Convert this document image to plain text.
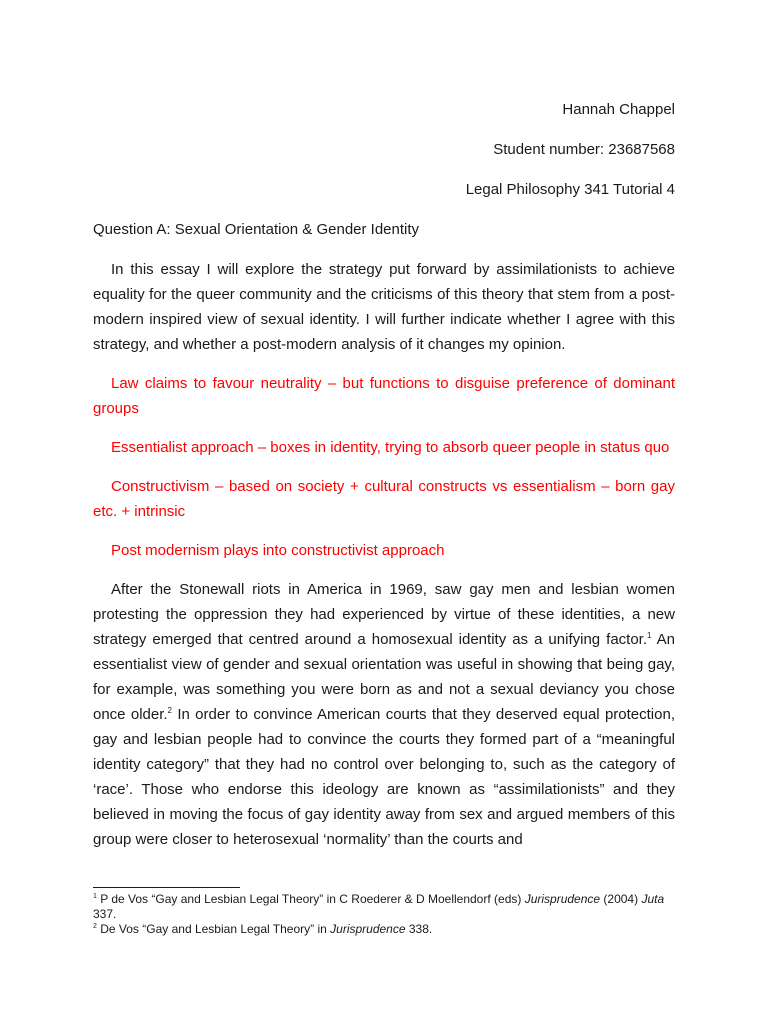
Hannah Chappel
Student number: 23687568
Legal Philosophy 341 Tutorial 4
Question A: Sexual Orientation & Gender Identity

In this essay I will explore the strategy put forward by assimilationists to achieve equality for the queer community and the criticisms of this theory that stem from a post-modern inspired view of sexual identity. I will further indicate whether I agree with this strategy, and whether a post-modern analysis of it changes my opinion.

Law claims to favour neutrality – but functions to disguise preference of dominant groups

Essentialist approach – boxes in identity, trying to absorb queer people in status quo

Constructivism – based on society + cultural constructs vs essentialism – born gay etc. + intrinsic

Post modernism plays into constructivist approach

After the Stonewall riots in America in 1969, saw gay men and lesbian women protesting the oppression they had experienced by virtue of these identities, a new strategy emerged that centred around a homosexual identity as a unifying factor.$^1$ An essentialist view of gender and sexual orientation was useful in showing that being gay, for example, was something you were born as and not a sexual deviancy you chose once older.$^2$ In order to convince American courts that they deserved equal protection, gay and lesbian people had to convince the courts they formed part of a “meaningful identity category” that they had no control over belonging to, such as the category of ‘race’. Those who endorse this ideology are known as “assimilationists” and they believed in moving the focus of gay identity away from sex and argued members of this group were closer to heterosexual ‘normality’ than the courts and

$^1$ P de Vos “Gay and Lesbian Legal Theory” in C Roederer & D Moellendorf (eds) Jurisprudence (2004) Juta 337.
$^2$ De Vos “Gay and Lesbian Legal Theory” in Jurisprudence 338.
